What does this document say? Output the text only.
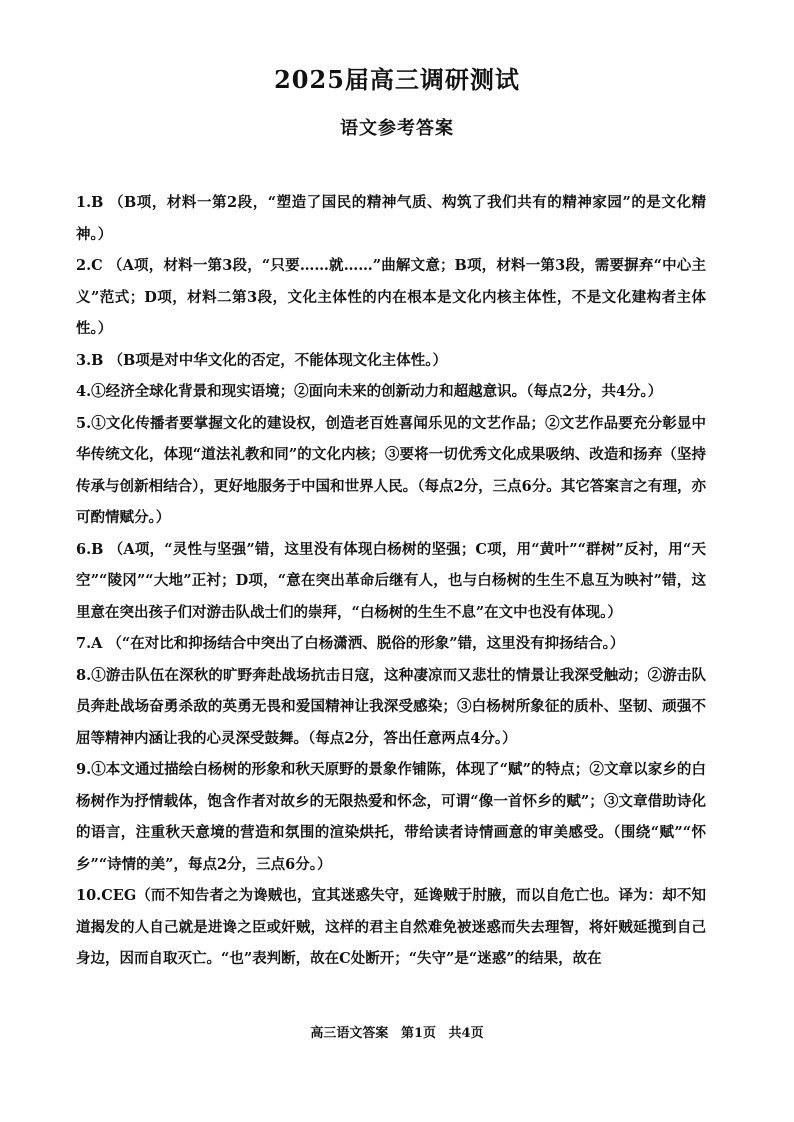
2025届高三调研测试
语文参考答案
1.B （B项，材料一第2段，“塑造了国民的精神气质、构筑了我们共有的精神家园”的是文化精神。）
2.C （A项，材料一第3段，“只要……就……”曲解文意；B项，材料一第3段，需要摒弃“中心主义”范式；D项，材料二第3段，文化主体性的内在根本是文化内核主体性，不是文化建构者主体性。）
3.B （B项是对中华文化的否定，不能体现文化主体性。）
4.①经济全球化背景和现实语境；②面向未来的创新动力和超越意识。（每点2分，共4分。）
5.①文化传播者要掌握文化的建设权，创造老百姓喜闻乐见的文艺作品；②文艺作品要充分彰显中华传统文化，体现“道法礼教和同”的文化内核；③要将一切优秀文化成果吸纳、改造和扬弃（坚持传承与创新相结合），更好地服务于中国和世界人民。（每点2分，三点6分。其它答案言之有理，亦可酌情赋分。）
6.B （A项，“灵性与坚强”错，这里没有体现白杨树的坚强；C项，用“黄叶”“群树”反衬，用“天空”“陵冈”“大地”正衬；D项，“意在突出革命后继有人，也与白杨树的生生不息互为映衬”错，这里意在突出孩子们对游击队战士们的崇拜，“白杨树的生生不息”在文中也没有体现。）
7.A （“在对比和抑扬结合中突出了白杨潇洒、脱俗的形象”错，这里没有抑扬结合。）
8.①游击队伍在深秋的旷野奔赴战场抗击日寇，这种凄凉而又悲壮的情景让我深受触动；②游击队员奔赴战场奋勇杀敌的英勇无畏和爱国精神让我深受感染；③白杨树所象征的质朴、坚韧、顽强不屈等精神内涵让我的心灵深受鼓舞。（每点2分，答出任意两点4分。）
9.①本文通过描绘白杨树的形象和秋天原野的景象作铺陈，体现了“赋”的特点；②文章以家乡的白杨树作为抒情载体，饱含作者对故乡的无限热爱和怀念，可谓“像一首怀乡的赋”；③文章借助诗化的语言，注重秋天意境的营造和氛围的渲染烘托，带给读者诗情画意的审美感受。（围绕“赋”“怀乡”“诗情的美”，每点2分，三点6分。）
10.CEG（而不知告者之为谗贼也，宜其迷惑失守，延谗贼于肘腋，而以自危亡也。译为：却不知道揭发的人自己就是进谗之臣或奸贼，这样的君主自然难免被迷惑而失去理智，将奸贼延揽到自己身边，因而自取灭亡。“也”表判断，故在C处断开；“失守”是“迷惑”的结果，故在
高三语文答案 第1页 共4页
